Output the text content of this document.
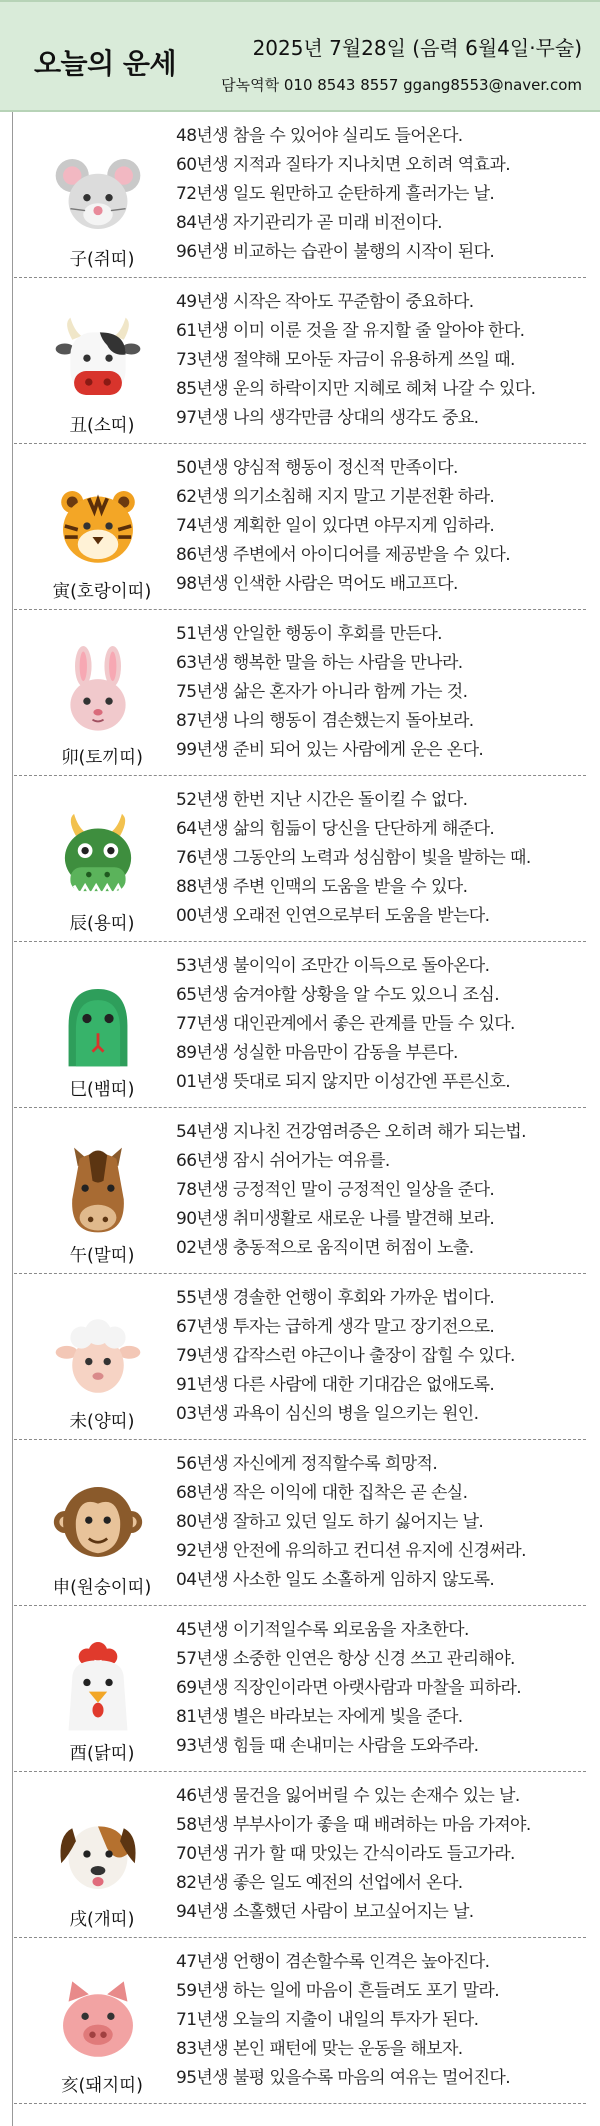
오늘의 운세	2025년 7월28일 (음력 6월4일·무술)
담녹역학 010 8543 8557 ggang8553@naver.com
子(쥐띠)
48년생 참을 수 있어야 실리도 들어온다.
60년생 지적과 질타가 지나치면 오히려 역효과.
72년생 일도 원만하고 순탄하게 흘러가는 날.
84년생 자기관리가 곧 미래 비전이다.
96년생 비교하는 습관이 불행의 시작이 된다.
丑(소띠)
49년생 시작은 작아도 꾸준함이 중요하다.
61년생 이미 이룬 것을 잘 유지할 줄 알아야 한다.
73년생 절약해 모아둔 자금이 유용하게 쓰일 때.
85년생 운의 하락이지만 지혜로 헤쳐 나갈 수 있다.
97년생 나의 생각만큼 상대의 생각도 중요.
寅(호랑이띠)
50년생 양심적 행동이 정신적 만족이다.
62년생 의기소침해 지지 말고 기분전환 하라.
74년생 계획한 일이 있다면 야무지게 임하라.
86년생 주변에서 아이디어를 제공받을 수 있다.
98년생 인색한 사람은 먹어도 배고프다.
卯(토끼띠)
51년생 안일한 행동이 후회를 만든다.
63년생 행복한 말을 하는 사람을 만나라.
75년생 삶은 혼자가 아니라 함께 가는 것.
87년생 나의 행동이 겸손했는지 돌아보라.
99년생 준비 되어 있는 사람에게 운은 온다.
辰(용띠)
52년생 한번 지난 시간은 돌이킬 수 없다.
64년생 삶의 힘듦이 당신을 단단하게 해준다.
76년생 그동안의 노력과 성심함이 빛을 발하는 때.
88년생 주변 인맥의 도움을 받을 수 있다.
00년생 오래전 인연으로부터 도움을 받는다.
巳(뱀띠)
53년생 불이익이 조만간 이득으로 돌아온다.
65년생 숨겨야할 상황을 알 수도 있으니 조심.
77년생 대인관계에서 좋은 관계를 만들 수 있다.
89년생 성실한 마음만이 감동을 부른다.
01년생 뜻대로 되지 않지만 이성간엔 푸른신호.
午(말띠)
54년생 지나친 건강염려증은 오히려 해가 되는법.
66년생 잠시 쉬어가는 여유를.
78년생 긍정적인 말이 긍정적인 일상을 준다.
90년생 취미생활로 새로운 나를 발견해 보라.
02년생 충동적으로 움직이면 허점이 노출.
未(양띠)
55년생 경솔한 언행이 후회와 가까운 법이다.
67년생 투자는 급하게 생각 말고 장기전으로.
79년생 갑작스런 야근이나 출장이 잡힐 수 있다.
91년생 다른 사람에 대한 기대감은 없애도록.
03년생 과욕이 심신의 병을 일으키는 원인.
申(원숭이띠)
56년생 자신에게 정직할수록 희망적.
68년생 작은 이익에 대한 집착은 곧 손실.
80년생 잘하고 있던 일도 하기 싫어지는 날.
92년생 안전에 유의하고 컨디션 유지에 신경써라.
04년생 사소한 일도 소홀하게 임하지 않도록.
酉(닭띠)
45년생 이기적일수록 외로움을 자초한다.
57년생 소중한 인연은 항상 신경 쓰고 관리해야.
69년생 직장인이라면 아랫사람과 마찰을 피하라.
81년생 별은 바라보는 자에게 빛을 준다.
93년생 힘들 때 손내미는 사람을 도와주라.
戌(개띠)
46년생 물건을 잃어버릴 수 있는 손재수 있는 날.
58년생 부부사이가 좋을 때 배려하는 마음 가져야.
70년생 귀가 할 때 맛있는 간식이라도 들고가라.
82년생 좋은 일도 예전의 선업에서 온다.
94년생 소홀했던 사람이 보고싶어지는 날.
亥(돼지띠)
47년생 언행이 겸손할수록 인격은 높아진다.
59년생 하는 일에 마음이 흔들려도 포기 말라.
71년생 오늘의 지출이 내일의 투자가 된다.
83년생 본인 패턴에 맞는 운동을 해보자.
95년생 불평 있을수록 마음의 여유는 멀어진다.
